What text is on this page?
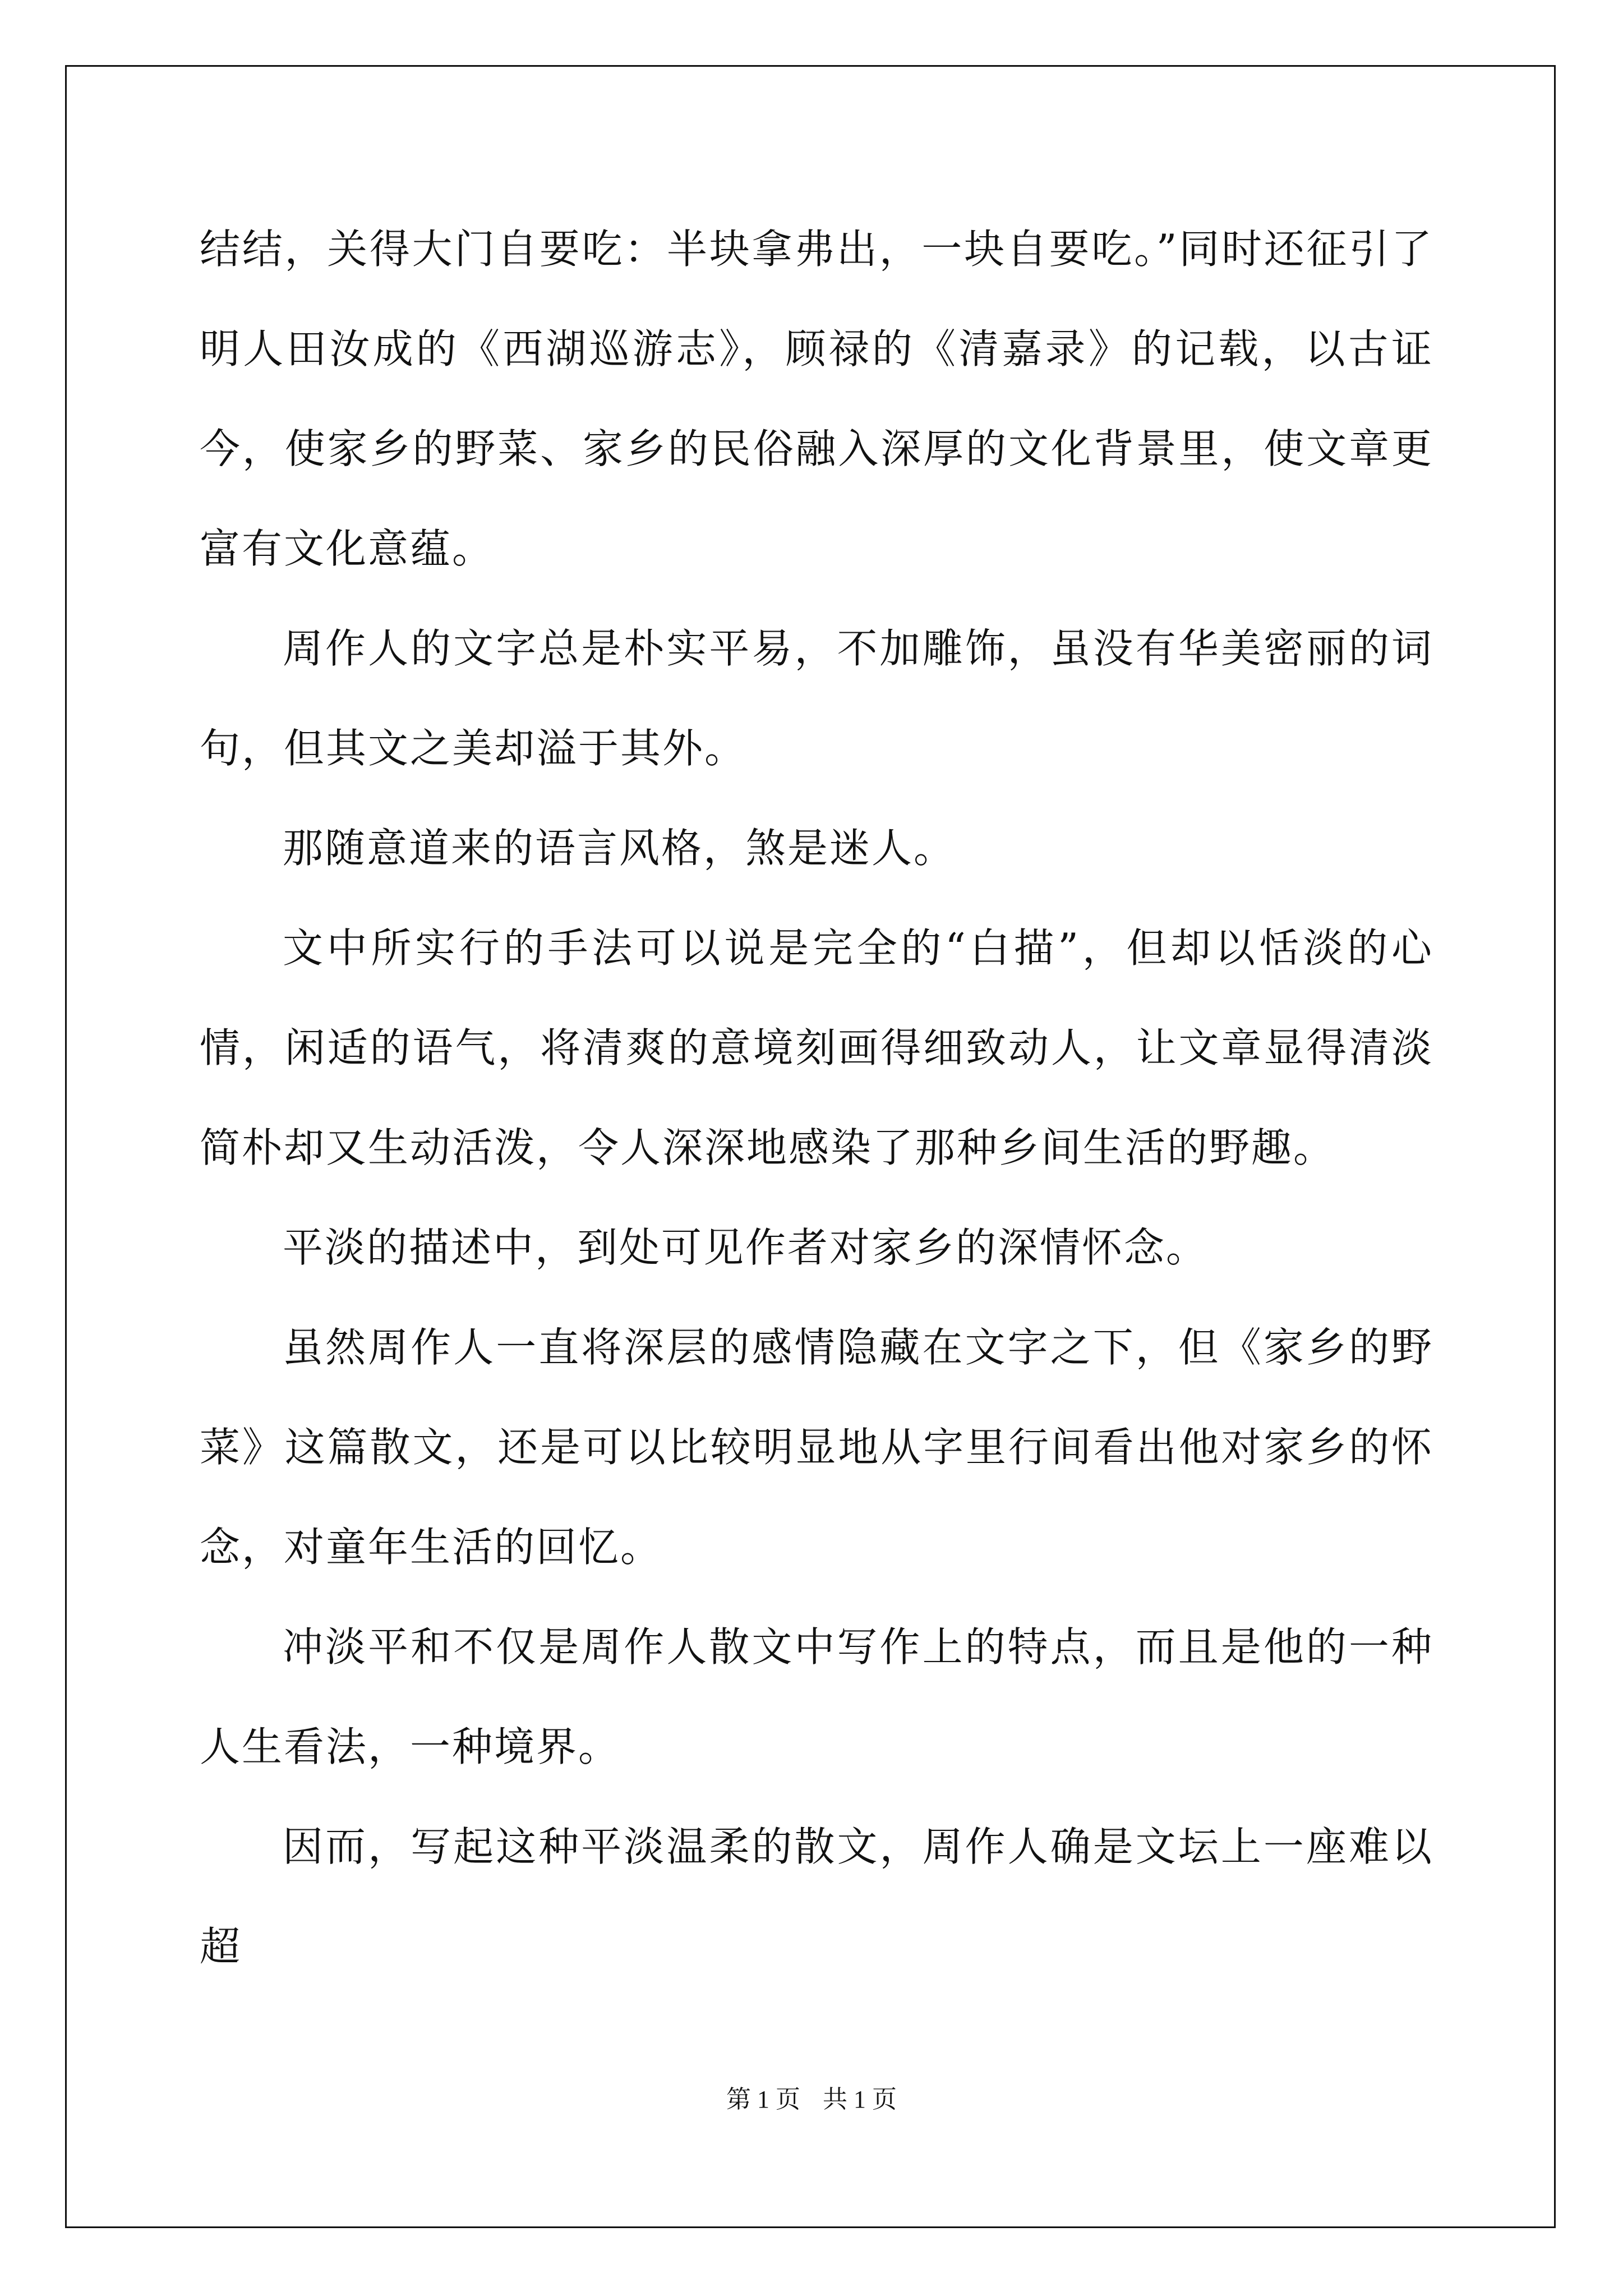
结结，关得大门自要吃：半块拿弗出，一块自要吃。”同时还征引了明人田汝成的《西湖巡游志》，顾禄的《清嘉录》的记载，以古证今，使家乡的野菜、家乡的民俗融入深厚的文化背景里，使文章更富有文化意蕴。

周作人的文字总是朴实平易，不加雕饰，虽没有华美密丽的词句，但其文之美却溢于其外。

那随意道来的语言风格，煞是迷人。

文中所实行的手法可以说是完全的“白描”，但却以恬淡的心情，闲适的语气，将清爽的意境刻画得细致动人，让文章显得清淡简朴却又生动活泼，令人深深地感染了那种乡间生活的野趣。

平淡的描述中，到处可见作者对家乡的深情怀念。

虽然周作人一直将深层的感情隐藏在文字之下，但《家乡的野菜》这篇散文，还是可以比较明显地从字里行间看出他对家乡的怀念，对童年生活的回忆。

冲淡平和不仅是周作人散文中写作上的特点，而且是他的一种人生看法，一种境界。

因而，写起这种平淡温柔的散文，周作人确是文坛上一座难以超

第 1 页 共 1 页
